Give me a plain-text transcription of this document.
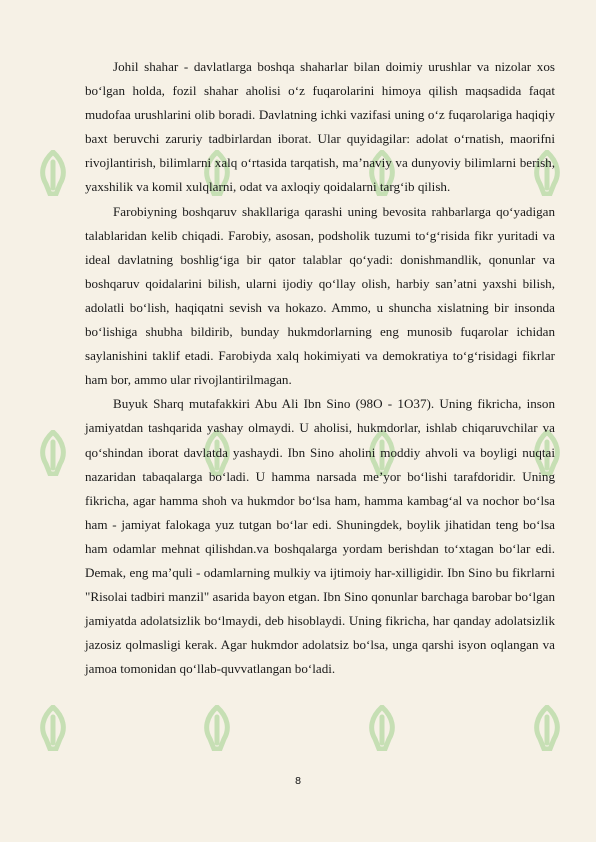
Johil shahar - davlatlarga boshqa shaharlar bilan doimiy urushlar va nizolar xos bo‘lgan holda, fozil shahar aholisi o‘z fuqarolarini himoya qilish maqsadida faqat mudofaa urushlarini olib boradi. Davlatning ichki vazifasi uning o‘z fuqarolariga haqiqiy baxt beruvchi zaruriy tadbirlardan iborat. Ular quyidagilar: adolat o‘rnatish, maorifni rivojlantirish, bilimlarni xalq o‘rtasida tarqatish, ma’naviy va dunyoviy bilimlarni berish, yaxshilik va komil xulqlarni, odat va axloqiy qoidalarni targ‘ib qilish.

Farobiyning boshqaruv shakllariga qarashi uning bevosita rahbarlarga qo‘yadigan talablaridan kelib chiqadi. Farobiy, asosan, podsholik tuzumi to‘g‘risida fikr yuritadi va ideal davlatning boshlig‘iga bir qator talablar qo‘yadi: donishmandlik, qonunlar va boshqaruv qoidalarini bilish, ularni ijodiy qo‘llay olish, harbiy san’atni yaxshi bilish, adolatli bo‘lish, haqiqatni sevish va hokazo. Ammo, u shuncha xislatning bir insonda bo‘lishiga shubha bildirib, bunday hukmdorlarning eng munosib fuqarolar ichidan saylanishini taklif etadi. Farobiyda xalq hokimiyati va demokratiya to‘g‘risidagi fikrlar ham bor, ammo ular rivojlantirilmagan.

Buyuk Sharq mutafakkiri Abu Ali Ibn Sino (98O - 1O37). Uning fikricha, inson jamiyatdan tashqarida yashay olmaydi. U aholisi, hukmdorlar, ishlab chiqaruvchilar va qo‘shindan iborat davlatda yashaydi. Ibn Sino aholini moddiy ahvoli va boyligi nuqtai nazaridan tabaqalarga bo‘ladi. U hamma narsada me’yor bo‘lishi tarafdoridir. Uning fikricha, agar hamma shoh va hukmdor bo‘lsa ham, hamma kambag‘al va nochor bo‘lsa ham - jamiyat falokaga yuz tutgan bo‘lar edi. Shuningdek, boylik jihatidan teng bo‘lsa ham odamlar mehnat qilishdan.va boshqalarga yordam berishdan to‘xtagan bo‘lar edi. Demak, eng ma’quli - odamlarning mulkiy va ijtimoiy har-xilligidir. Ibn Sino bu fikrlarni "Risolai tadbiri manzil" asarida bayon etgan. Ibn Sino qonunlar barchaga barobar bo‘lgan jamiyatda adolatsizlik bo‘lmaydi, deb hisoblaydi. Uning fikricha, har qanday adolatsizlik jazosiz qolmasligi kerak. Agar hukmdor adolatsiz bo‘lsa, unga qarshi isyon oqlangan va jamoa tomonidan qo‘llab-quvvatlangan bo‘ladi.

8
